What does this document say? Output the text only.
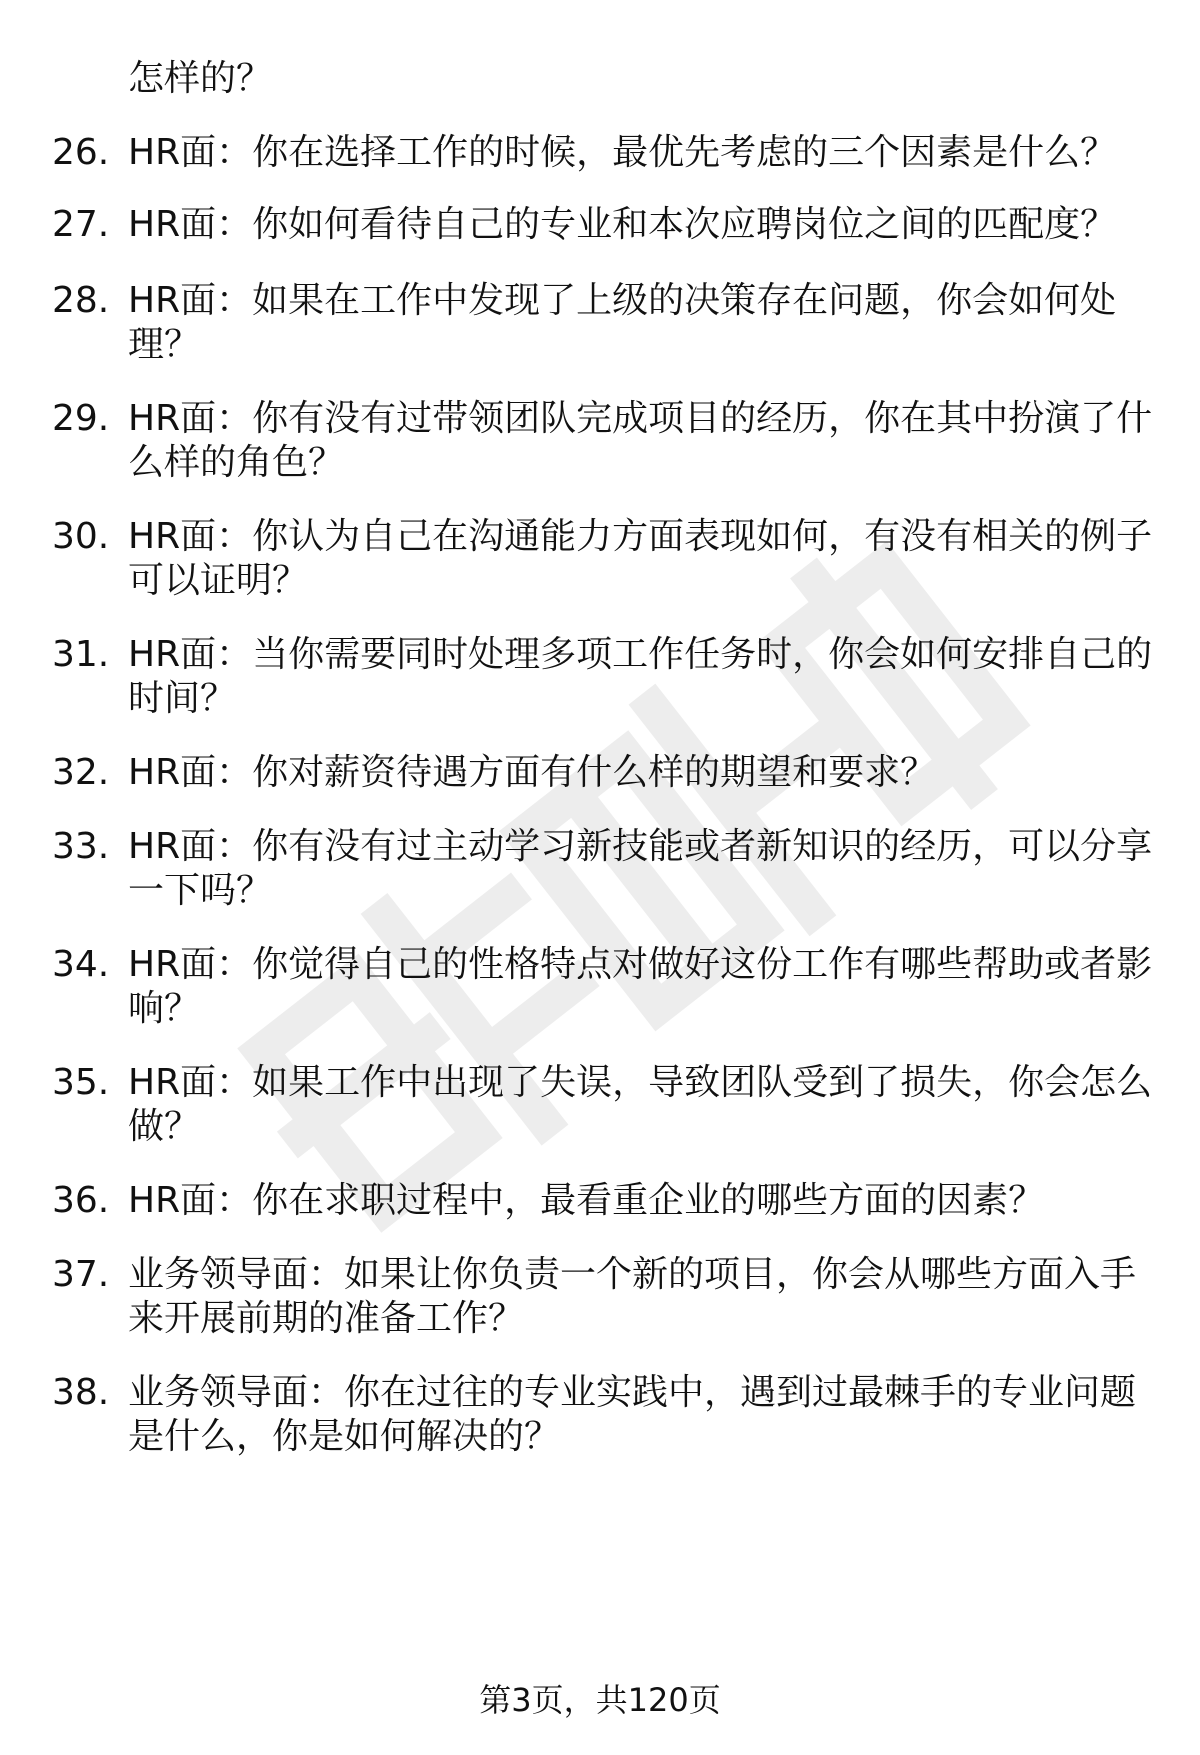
怎样的？
26. HR面：你在选择工作的时候，最优先考虑的三个因素是什么？
27. HR面：你如何看待自己的专业和本次应聘岗位之间的匹配度？
28. HR面：如果在工作中发现了上级的决策存在问题，你会如何处
理？
29. HR面：你有没有过带领团队完成项目的经历，你在其中扮演了什
么样的角色？
30. HR面：你认为自己在沟通能力方面表现如何，有没有相关的例子
可以证明？
31. HR面：当你需要同时处理多项工作任务时，你会如何安排自己的
时间？
32. HR面：你对薪资待遇方面有什么样的期望和要求？
33. HR面：你有没有过主动学习新技能或者新知识的经历，可以分享
一下吗？
34. HR面：你觉得自己的性格特点对做好这份工作有哪些帮助或者影
响？
35. HR面：如果工作中出现了失误，导致团队受到了损失，你会怎么
做？
36. HR面：你在求职过程中，最看重企业的哪些方面的因素？
37. 业务领导面：如果让你负责一个新的项目，你会从哪些方面入手
来开展前期的准备工作？
38. 业务领导面：你在过往的专业实践中，遇到过最棘手的专业问题
是什么，你是如何解决的？
第3页，共120页
